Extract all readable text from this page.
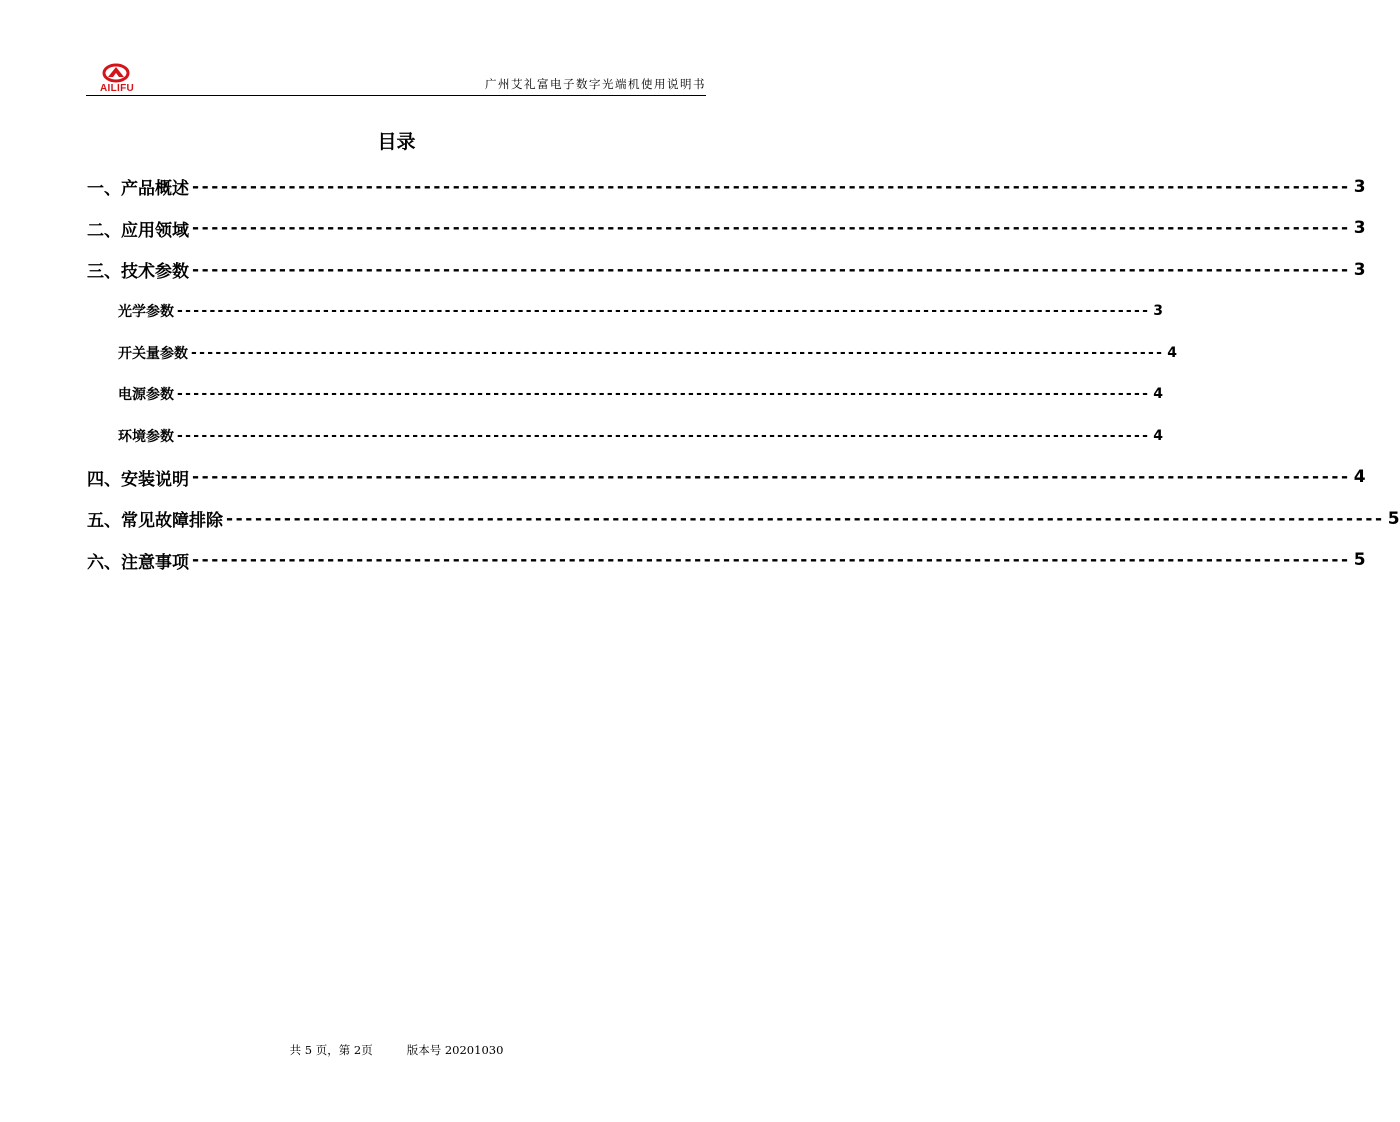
AILIFU	广州艾礼富电子数字光端机使用说明书
目录
一、产品概述 ------------------------------------------------------------------------------------------------------------------------ 3
二、应用领域 ------------------------------------------------------------------------------------------------------------------------ 3
三、技术参数 ------------------------------------------------------------------------------------------------------------------------ 3
光学参数 ------------------------------------------------------------------------------------------------------------------------ 3
开关量参数 ------------------------------------------------------------------------------------------------------------------------ 4
电源参数 ------------------------------------------------------------------------------------------------------------------------ 4
环境参数 ------------------------------------------------------------------------------------------------------------------------ 4
四、安装说明 ------------------------------------------------------------------------------------------------------------------------ 4
五、常见故障排除 ------------------------------------------------------------------------------------------------------------------------ 5
六、注意事项 ------------------------------------------------------------------------------------------------------------------------ 5
共 5 页，第 2页	版本号 20201030
